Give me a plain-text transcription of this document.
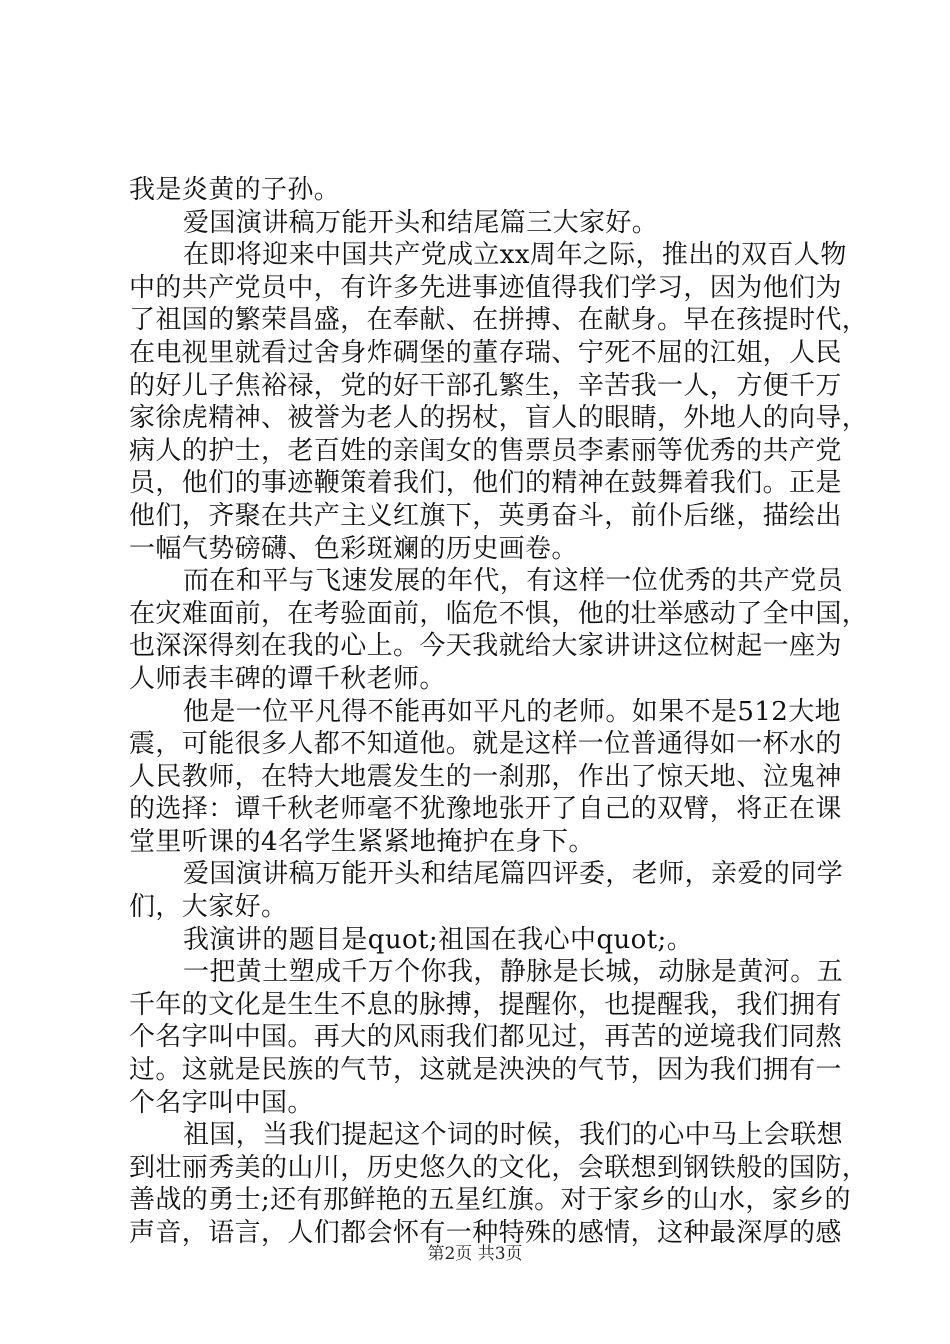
我是炎黄的子孙。
爱国演讲稿万能开头和结尾篇三大家好。
在即将迎来中国共产党成立xx周年之际，推出的双百人物
中的共产党员中，有许多先进事迹值得我们学习，因为他们为
了祖国的繁荣昌盛，在奉献、在拼搏、在献身。早在孩提时代，
在电视里就看过舍身炸碉堡的董存瑞、宁死不屈的江姐，人民
的好儿子焦裕禄，党的好干部孔繁生，辛苦我一人，方便千万
家徐虎精神、被誉为老人的拐杖，盲人的眼睛，外地人的向导，
病人的护士，老百姓的亲闺女的售票员李素丽等优秀的共产党
员，他们的事迹鞭策着我们，他们的精神在鼓舞着我们。正是
他们，齐聚在共产主义红旗下，英勇奋斗，前仆后继，描绘出
一幅气势磅礴、色彩斑斓的历史画卷。
而在和平与飞速发展的年代，有这样一位优秀的共产党员
在灾难面前，在考验面前，临危不惧，他的壮举感动了全中国，
也深深得刻在我的心上。今天我就给大家讲讲这位树起一座为
人师表丰碑的谭千秋老师。
他是一位平凡得不能再如平凡的老师。如果不是512大地
震，可能很多人都不知道他。就是这样一位普通得如一杯水的
人民教师，在特大地震发生的一刹那，作出了惊天地、泣鬼神
的选择：谭千秋老师毫不犹豫地张开了自己的双臂，将正在课
堂里听课的4名学生紧紧地掩护在身下。
爱国演讲稿万能开头和结尾篇四评委，老师，亲爱的同学
们，大家好。
我演讲的题目是quot;祖国在我心中quot;。
一把黄土塑成千万个你我，静脉是长城，动脉是黄河。五
千年的文化是生生不息的脉搏，提醒你，也提醒我，我们拥有
个名字叫中国。再大的风雨我们都见过，再苦的逆境我们同熬
过。这就是民族的气节，这就是泱泱的气节，因为我们拥有一
个名字叫中国。
祖国，当我们提起这个词的时候，我们的心中马上会联想
到壮丽秀美的山川，历史悠久的文化，会联想到钢铁般的国防，
善战的勇士;还有那鲜艳的五星红旗。对于家乡的山水，家乡的
声音，语言，人们都会怀有一种特殊的感情，这种最深厚的感
第2页 共3页
